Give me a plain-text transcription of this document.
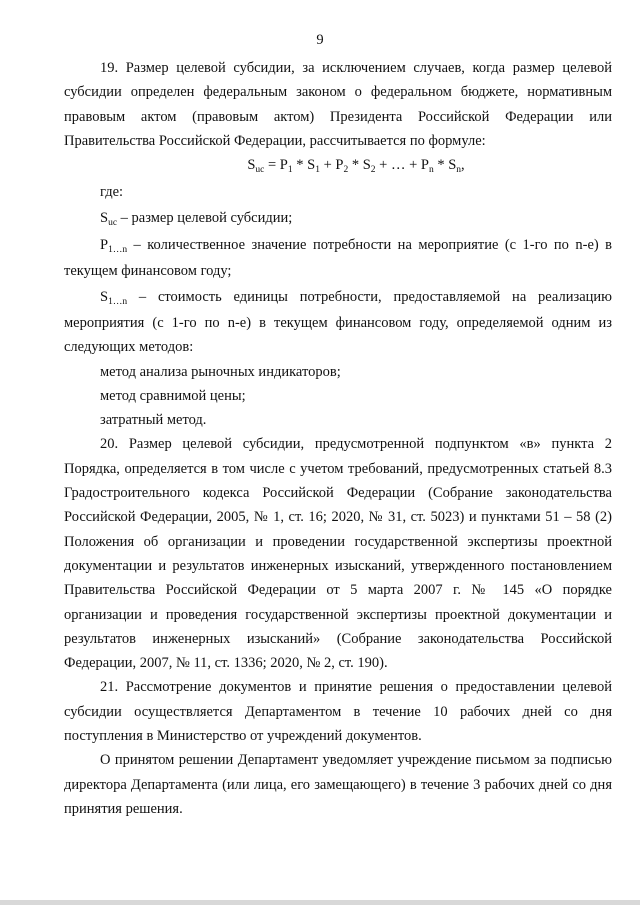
9

19. Размер целевой субсидии, за исключением случаев, когда размер целевой субсидии определен федеральным законом о федеральном бюджете, нормативным правовым актом (правовым актом) Президента Российской Федерации или Правительства Российской Федерации, рассчитывается по формуле:

$S_{uc} = P_1 * S_1 + P_2 * S_2$ + … + $P_n * S_n$,

где:

$S_{uc}$ – размер целевой субсидии;

$P_{1\dots n}$ – количественное значение потребности на мероприятие (с 1-го по n-е) в текущем финансовом году;

$S_{1\dots n}$ – стоимость единицы потребности, предоставляемой на реализацию мероприятия (с 1-го по n-е) в текущем финансовом году, определяемой одним из следующих методов:

метод анализа рыночных индикаторов;

метод сравнимой цены;

затратный метод.

20. Размер целевой субсидии, предусмотренной подпунктом «в» пункта 2 Порядка, определяется в том числе с учетом требований, предусмотренных статьей 8.3 Градостроительного кодекса Российской Федерации (Собрание законодательства Российской Федерации, 2005, № 1, ст. 16; 2020, № 31, ст. 5023) и пунктами 51 – 58 (2) Положения об организации и проведении государственной экспертизы проектной документации и результатов инженерных изысканий, утвержденного постановлением Правительства Российской Федерации от 5 марта 2007 г. № 145 «О порядке организации и проведения государственной экспертизы проектной документации и результатов инженерных изысканий» (Собрание законодательства Российской Федерации, 2007, № 11, ст. 1336; 2020, № 2, ст. 190).

21. Рассмотрение документов и принятие решения о предоставлении целевой субсидии осуществляется Департаментом в течение 10 рабочих дней со дня поступления в Министерство от учреждений документов.

О принятом решении Департамент уведомляет учреждение письмом за подписью директора Департамента (или лица, его замещающего) в течение 3 рабочих дней со дня принятия решения.
